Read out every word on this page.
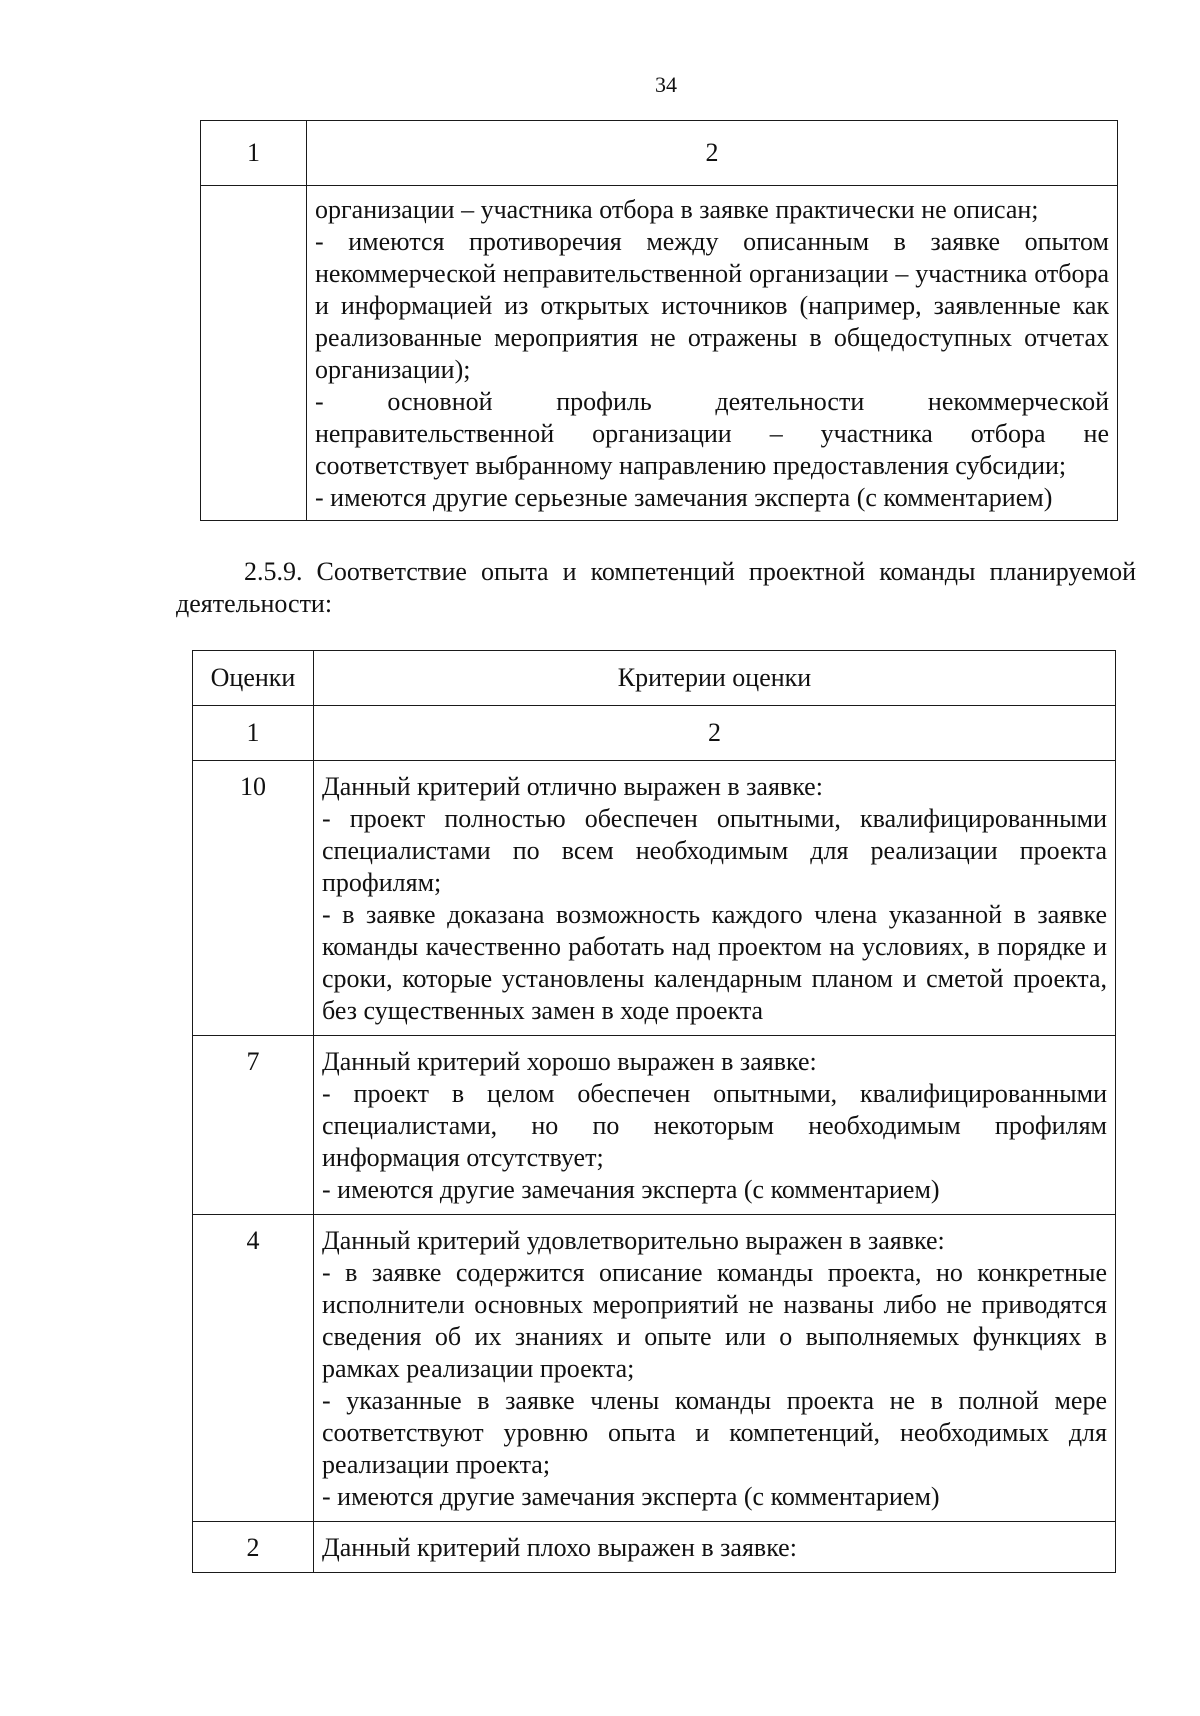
34
1	2

	организации – участника отбора в заявке практически не описан;
- имеются противоречия между описанным в заявке опытом некоммерческой неправительственной организации – участника отбора и информацией из открытых источников (например, заявленные как реализованные мероприятия не отражены в общедоступных отчетах организации);
- основной профиль деятельности некоммерческой неправительственной организации – участника отбора не соответствует выбранному направлению предоставления субсидии;
- имеются другие серьезные замечания эксперта (с комментарием)
2.5.9. Соответствие опыта и компетенций проектной команды планируемой деятельности:
Оценки	Критерии оценки
1	2
10	Данный критерий отлично выражен в заявке:
- проект полностью обеспечен опытными, квалифицированными специалистами по всем необходимым для реализации проекта профилям;
- в заявке доказана возможность каждого члена указанной в заявке команды качественно работать над проектом на условиях, в порядке и сроки, которые установлены календарным планом и сметой проекта, без существенных замен в ходе проекта

7	Данный критерий хорошо выражен в заявке:
- проект в целом обеспечен опытными, квалифицированными специалистами, но по некоторым необходимым профилям информация отсутствует;
- имеются другие замечания эксперта (с комментарием)

4	Данный критерий удовлетворительно выражен в заявке:
- в заявке содержится описание команды проекта, но конкретные исполнители основных мероприятий не названы либо не приводятся сведения об их знаниях и опыте или о выполняемых функциях в рамках реализации проекта;
- указанные в заявке члены команды проекта не в полной мере соответствуют уровню опыта и компетенций, необходимых для реализации проекта;
- имеются другие замечания эксперта (с комментарием)

2	Данный критерий плохо выражен в заявке:
